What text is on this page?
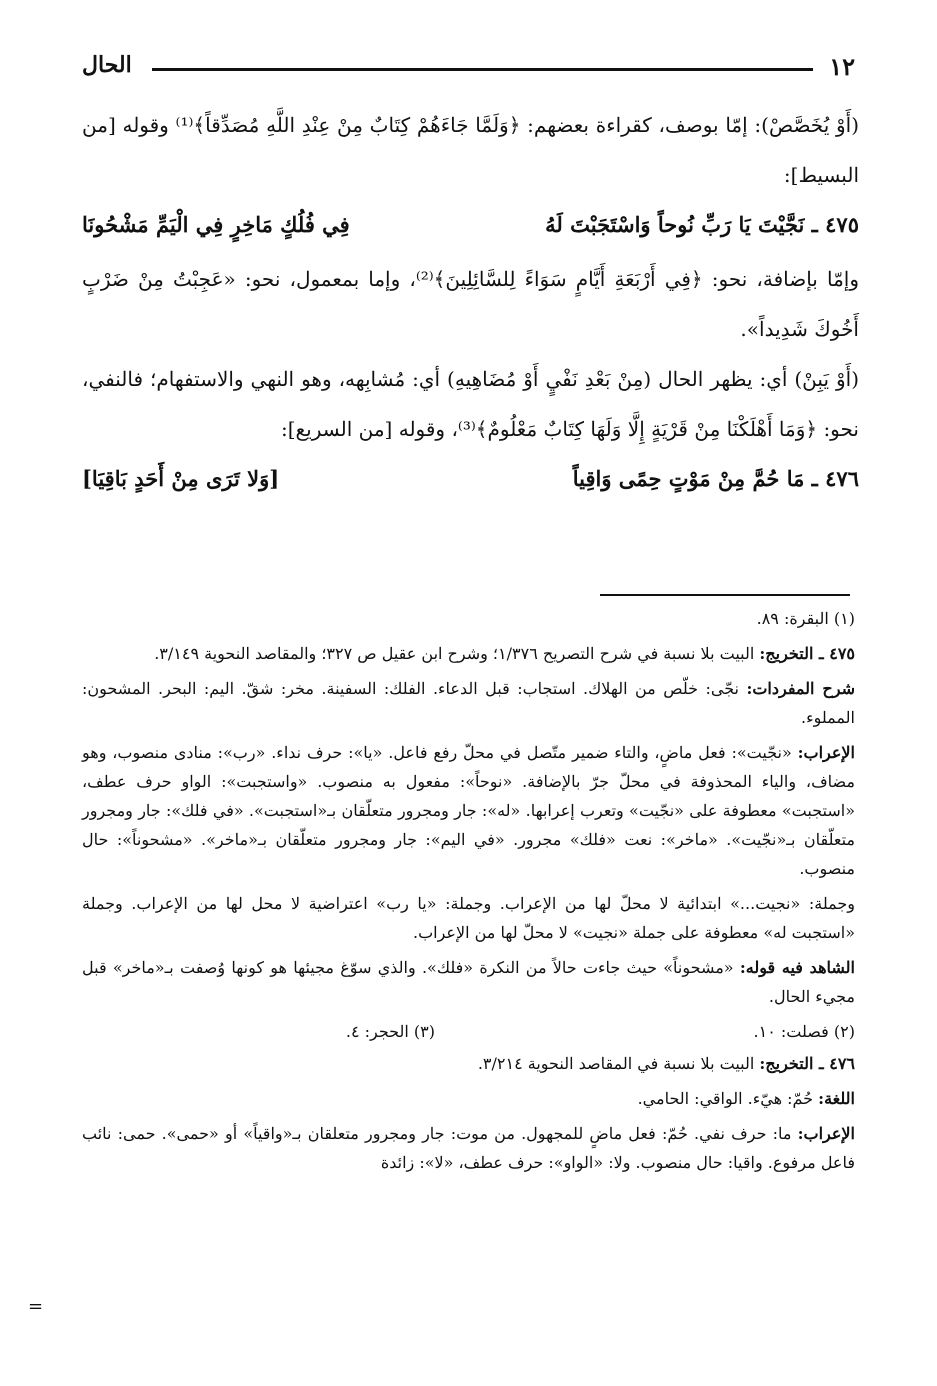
١٢
الحال

(أَوْ يُخَصَّصْ): إمّا بوصف، كقراءة بعضهم: ﴿وَلَمَّا جَاءَهُمْ كِتَابٌ مِنْ عِنْدِ اللَّهِ مُصَدِّقاً﴾⁽¹⁾ وقوله [من البسيط]:

٤٧٥ ـ نَجَّيْتَ يَا رَبِّ نُوحاً وَاسْتَجَبْتَ لَهُ
فِي فُلُكٍ مَاخِرٍ فِي الْيَمِّ مَشْحُونَا

وإمّا بإضافة، نحو: ﴿فِي أَرْبَعَةِ أَيَّامٍ سَوَاءً لِلسَّائِلِينَ﴾⁽²⁾، وإما بمعمول، نحو: «عَجِبْتُ مِنْ ضَرْبٍ أَخُوكَ شَدِيداً».

(أَوْ يَبِنْ) أي: يظهر الحال (مِنْ بَعْدِ نَفْيٍ أَوْ مُضَاهِيهِ) أي: مُشابِهه، وهو النهي والاستفهام؛ فالنفي، نحو: ﴿وَمَا أَهْلَكْنَا مِنْ قَرْيَةٍ إِلَّا وَلَهَا كِتَابٌ مَعْلُومٌ﴾⁽³⁾، وقوله [من السريع]:

٤٧٦ ـ مَا حُمَّ مِنْ مَوْتٍ حِمًى وَاقِياً
[وَلا تَرَى مِنْ أَحَدٍ بَاقِيَا]

(١) البقرة: ٨٩.

٤٧٥ ـ التخريج: البيت بلا نسبة في شرح التصريح ١/٣٧٦؛ وشرح ابن عقيل ص ٣٢٧؛ والمقاصد النحوية ٣/١٤٩.

شرح المفردات: نجّى: خلّص من الهلاك. استجاب: قبل الدعاء. الفلك: السفينة. مخر: شقّ. اليم: البحر. المشحون: المملوء.

الإعراب: «نجّيت»: فعل ماضٍ، والتاء ضمير متّصل في محلّ رفع فاعل. «يا»: حرف نداء. «رب»: منادى منصوب، وهو مضاف، والياء المحذوفة في محلّ جرّ بالإضافة. «نوحاً»: مفعول به منصوب. «واستجبت»: الواو حرف عطف، «استجبت» معطوفة على «نجّيت» وتعرب إعرابها. «له»: جار ومجرور متعلّقان بـ«استجبت». «في فلك»: جار ومجرور متعلّقان بـ«نجّيت». «ماخر»: نعت «فلك» مجرور. «في اليم»: جار ومجرور متعلّقان بـ«ماخر». «مشحوناً»: حال منصوب.

وجملة: «نجيت...» ابتدائية لا محلّ لها من الإعراب. وجملة: «يا رب» اعتراضية لا محل لها من الإعراب. وجملة «استجبت له» معطوفة على جملة «نجيت» لا محلّ لها من الإعراب.

الشاهد فيه قوله: «مشحوناً» حيث جاءت حالاً من النكرة «فلك». والذي سوّغ مجيئها هو كونها وُصفت بـ«ماخر» قبل مجيء الحال.

(٢) فصلت: ١٠.
(٣) الحجر: ٤.

٤٧٦ ـ التخريج: البيت بلا نسبة في المقاصد النحوية ٣/٢١٤.

اللغة: حُمّ: هيّء. الواقي: الحامي.

الإعراب: ما: حرف نفي. حُمّ: فعل ماضٍ للمجهول. من موت: جار ومجرور متعلقان بـ«واقياً» أو «حمى». حمى: نائب فاعل مرفوع. واقيا: حال منصوب. ولا: «الواو»: حرف عطف، «لا»: زائدة

=
